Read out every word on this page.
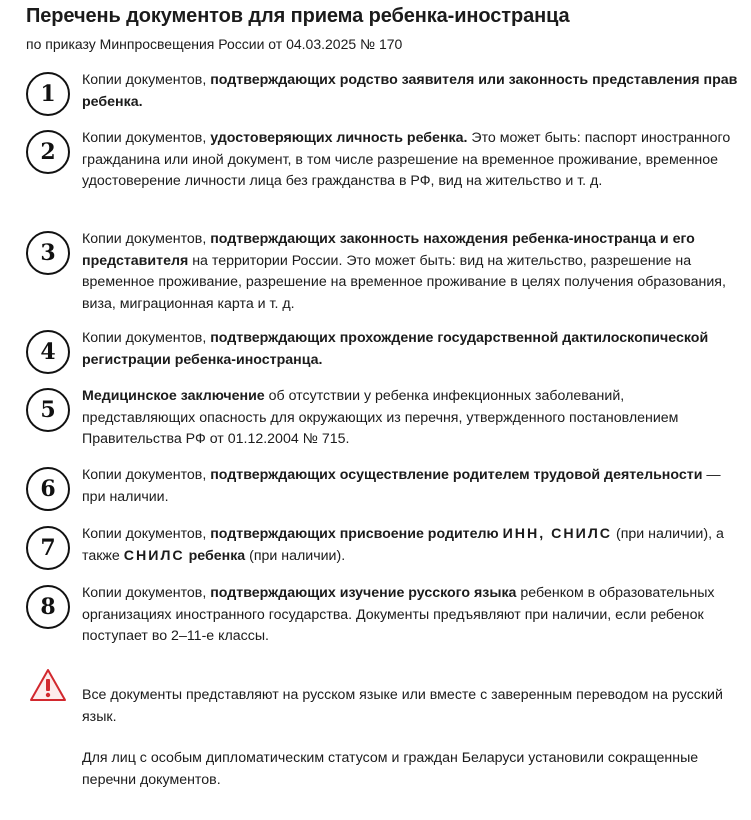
Перечень документов для приема ребенка-иностранца

по приказу Минпросвещения России от 04.03.2025 № 170

1

Копии документов, подтверждающих родство заявителя или законность представления прав ребенка.

2

Копии документов, удостоверяющих личность ребенка. Это может быть: паспорт иностранного гражданина или иной документ, в том числе разрешение на временное проживание, временное удостоверение личности лица без гражданства в РФ, вид на жительство и т. д.

3

Копии документов, подтверждающих законность нахождения ребенка-иностранца и его представителя на территории России. Это может быть: вид на жительство, разрешение на временное проживание, разрешение на временное проживание в целях получения образования, виза, миграционная карта и т. д.

4

Копии документов, подтверждающих прохождение государственной дактилоскопической регистрации ребенка-иностранца.

5

Медицинское заключение об отсутствии у ребенка инфекционных заболеваний, представляющих опасность для окружающих из перечня, утвержденного постановлением Правительства РФ от 01.12.2004 № 715.

6

Копии документов, подтверждающих осуществление родителем трудовой деятельности — при наличии.

7

Копии документов, подтверждающих присвоение родителю ИНН, СНИЛС (при наличии), а также СНИЛС ребенка (при наличии).

8

Копии документов, подтверждающих изучение русского языка ребенком в образовательных организациях иностранного государства. Документы предъявляют при наличии, если ребенок поступает во 2–11-е классы.

Все документы представляют на русском языке или вместе с заверенным переводом на русский язык.

Для лиц с особым дипломатическим статусом и граждан Беларуси установили сокращенные перечни документов.
